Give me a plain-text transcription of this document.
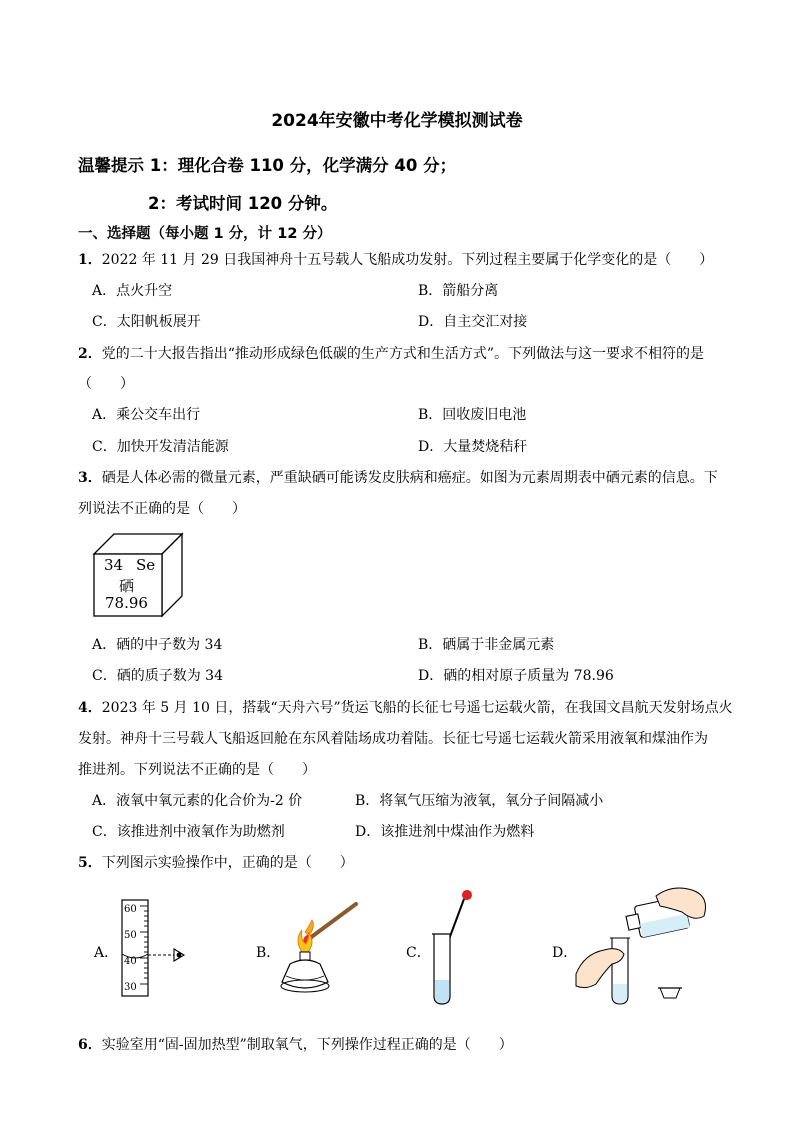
2024年安徽中考化学模拟测试卷
温馨提示 1：理化合卷 110 分，化学满分 40 分；
2：考试时间 120 分钟。
一、选择题（每小题 1 分，计 12 分）
1．2022 年 11 月 29 日我国神舟十五号载人飞船成功发射。下列过程主要属于化学变化的是（　　）
A．点火升空	B．箭船分离
C．太阳帆板展开	D．自主交汇对接
2．党的二十大报告指出“推动形成绿色低碳的生产方式和生活方式”。下列做法与这一要求不相符的是
（　　）
A．乘公交车出行	B．回收废旧电池
C．加快开发清洁能源	D．大量焚烧秸秆
3．硒是人体必需的微量元素，严重缺硒可能诱发皮肤病和癌症。如图为元素周期表中硒元素的信息。下
列说法不正确的是（　　）
34 Se
硒
78.96
A．硒的中子数为 34	B．硒属于非金属元素
C．硒的质子数为 34	D．硒的相对原子质量为 78.96
4．2023 年 5 月 10 日，搭载“天舟六号”货运飞船的长征七号遥七运载火箭，在我国文昌航天发射场点火
发射。神舟十三号载人飞船返回舱在东风着陆场成功着陆。长征七号遥七运载火箭采用液氧和煤油作为
推进剂。下列说法不正确的是（　　）
A．液氧中氧元素的化合价为-2 价	B．将氧气压缩为液氧，氧分子间隔减小
C．该推进剂中液氧作为助燃剂	D．该推进剂中煤油作为燃料
5．下列图示实验操作中，正确的是（　　）
A．
60
50
40
30
B．	C．	D．
6．实验室用“固-固加热型”制取氧气，下列操作过程正确的是（　　）
